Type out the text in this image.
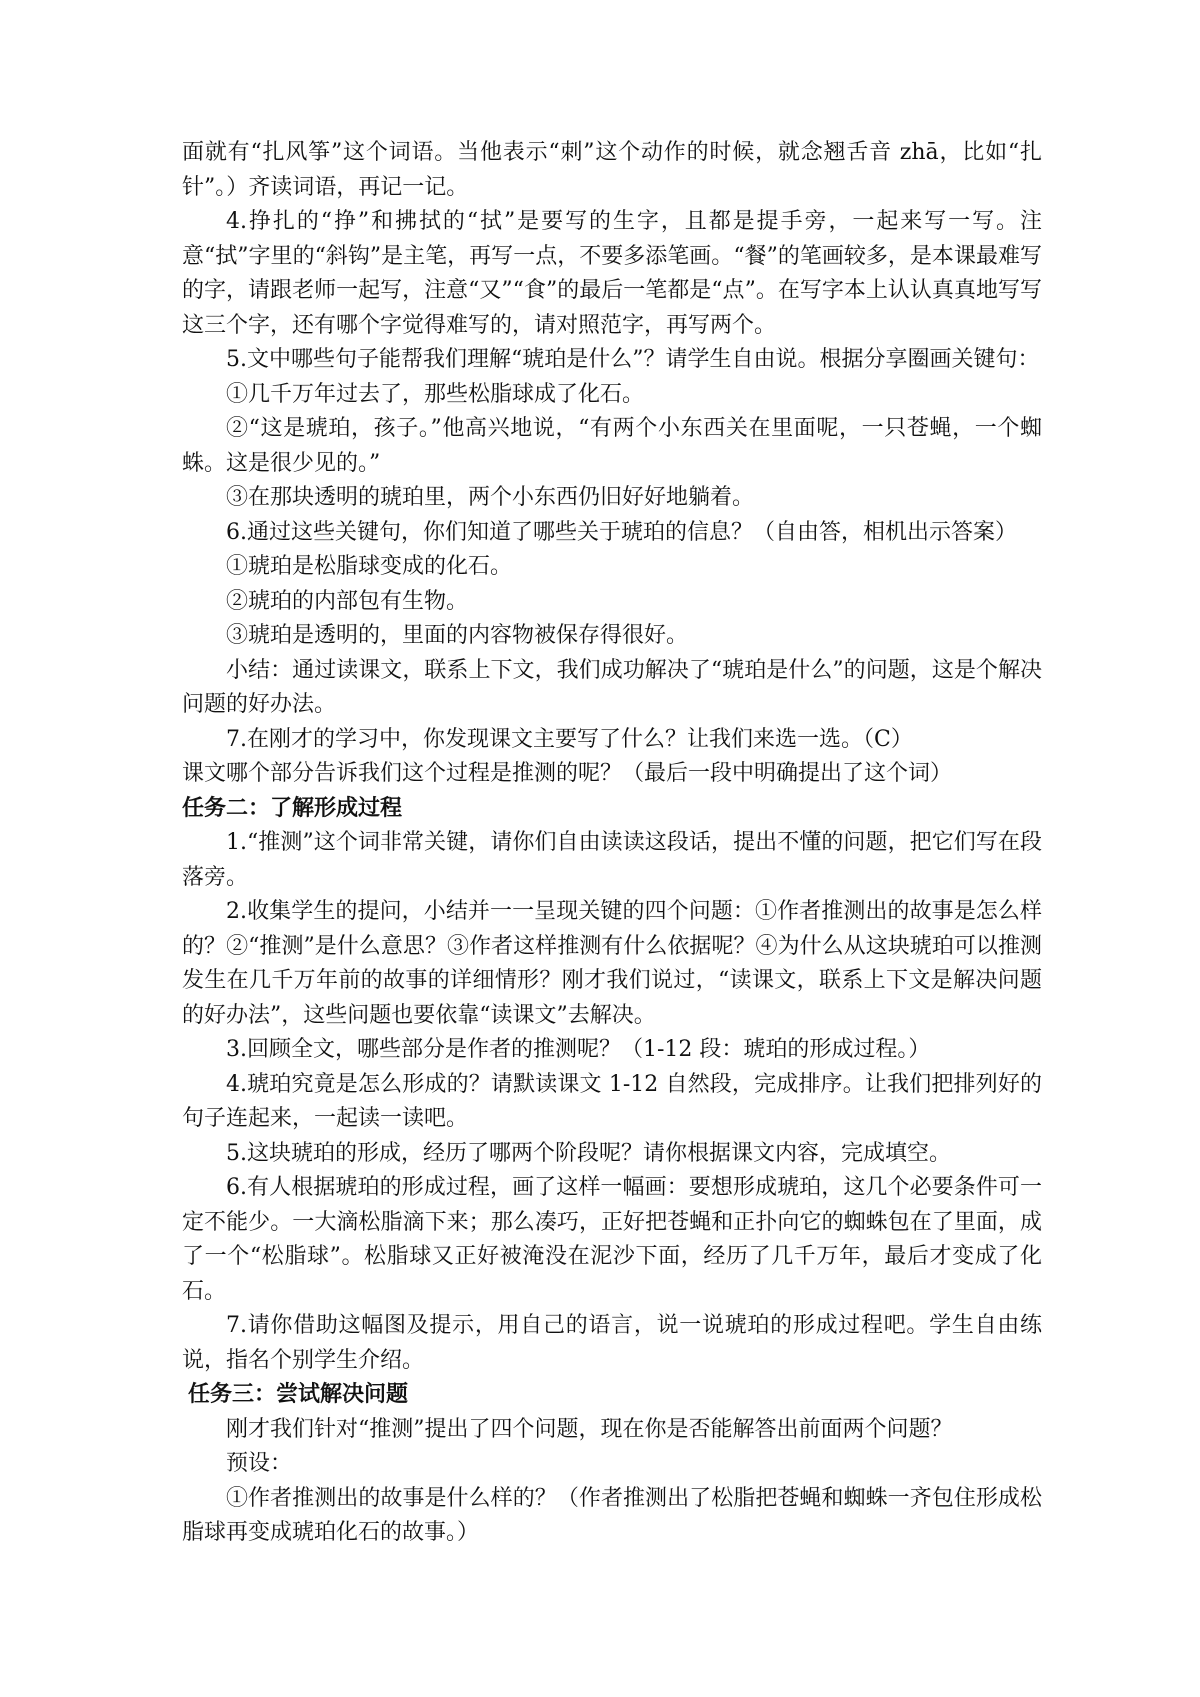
面就有“扎风筝”这个词语。当他表示“刺”这个动作的时候，就念翘舌音 zhā，比如“扎针”。）齐读词语，再记一记。

4.挣扎的“挣”和拂拭的“拭”是要写的生字，且都是提手旁，一起来写一写。注意“拭”字里的“斜钩”是主笔，再写一点，不要多添笔画。“餐”的笔画较多，是本课最难写的字，请跟老师一起写，注意“又”“食”的最后一笔都是“点”。在写字本上认认真真地写写这三个字，还有哪个字觉得难写的，请对照范字，再写两个。

5.文中哪些句子能帮我们理解“琥珀是什么”？请学生自由说。根据分享圈画关键句：

①几千万年过去了，那些松脂球成了化石。

②“这是琥珀，孩子。”他高兴地说，“有两个小东西关在里面呢，一只苍蝇，一个蜘蛛。这是很少见的。”

③在那块透明的琥珀里，两个小东西仍旧好好地躺着。

6.通过这些关键句，你们知道了哪些关于琥珀的信息？（自由答，相机出示答案）

①琥珀是松脂球变成的化石。

②琥珀的内部包有生物。

③琥珀是透明的，里面的内容物被保存得很好。

小结：通过读课文，联系上下文，我们成功解决了“琥珀是什么”的问题，这是个解决问题的好办法。

7.在刚才的学习中，你发现课文主要写了什么？让我们来选一选。（C）

课文哪个部分告诉我们这个过程是推测的呢？（最后一段中明确提出了这个词）

任务二：了解形成过程

1.“推测”这个词非常关键，请你们自由读读这段话，提出不懂的问题，把它们写在段落旁。

2.收集学生的提问，小结并一一呈现关键的四个问题：①作者推测出的故事是怎么样的？②“推测”是什么意思？③作者这样推测有什么依据呢？④为什么从这块琥珀可以推测发生在几千万年前的故事的详细情形？刚才我们说过，“读课文，联系上下文是解决问题的好办法”，这些问题也要依靠“读课文”去解决。

3.回顾全文，哪些部分是作者的推测呢？（1-12 段：琥珀的形成过程。）

4.琥珀究竟是怎么形成的？请默读课文 1-12 自然段，完成排序。让我们把排列好的句子连起来，一起读一读吧。

5.这块琥珀的形成，经历了哪两个阶段呢？请你根据课文内容，完成填空。

6.有人根据琥珀的形成过程，画了这样一幅画：要想形成琥珀，这几个必要条件可一定不能少。一大滴松脂滴下来；那么凑巧，正好把苍蝇和正扑向它的蜘蛛包在了里面，成了一个“松脂球”。松脂球又正好被淹没在泥沙下面，经历了几千万年，最后才变成了化石。

7.请你借助这幅图及提示，用自己的语言，说一说琥珀的形成过程吧。学生自由练说，指名个别学生介绍。

任务三：尝试解决问题

刚才我们针对“推测”提出了四个问题，现在你是否能解答出前面两个问题？

预设：

①作者推测出的故事是什么样的？（作者推测出了松脂把苍蝇和蜘蛛一齐包住形成松脂球再变成琥珀化石的故事。）
